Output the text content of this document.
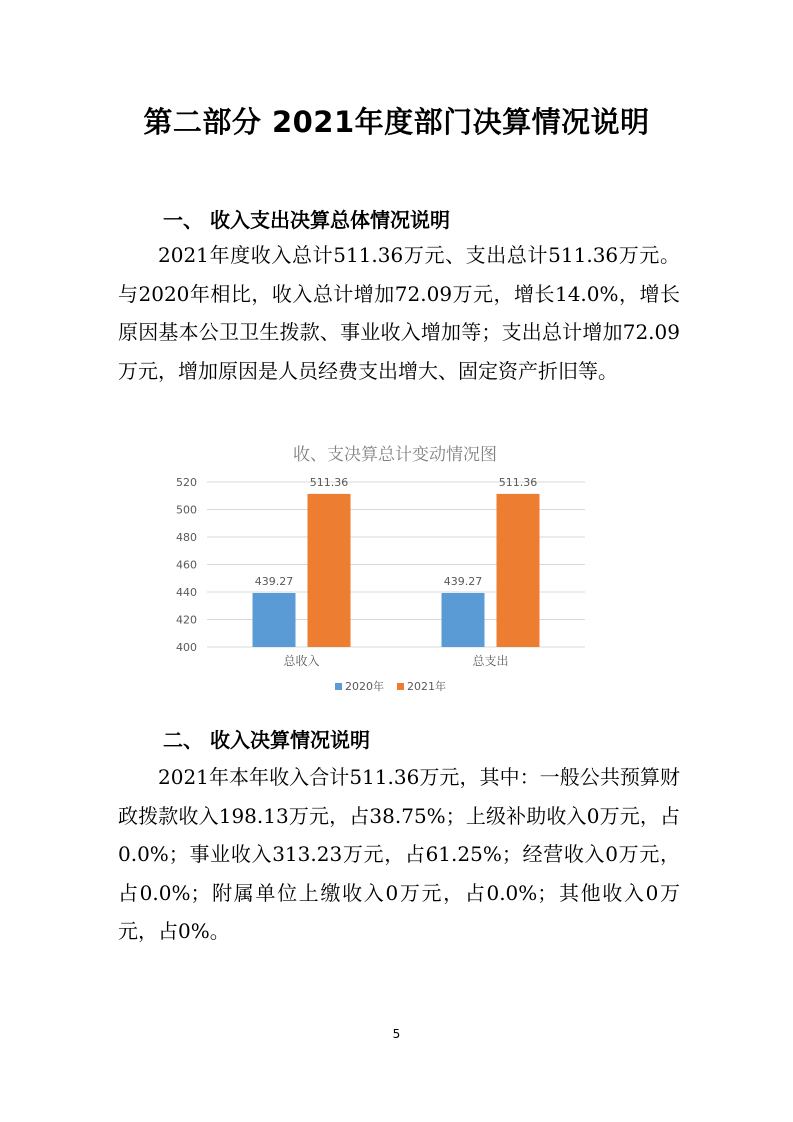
第二部分 2021年度部门决算情况说明
一、 收入支出决算总体情况说明

2021年度收入总计511.36万元、支出总计511.36万元。与2020年相比，收入总计增加72.09万元，增长14.0%，增长原因基本公卫卫生拨款、事业收入增加等；支出总计增加72.09万元，增加原因是人员经费支出增大、固定资产折旧等。

收、支决算总计变动情况图
400
420
440
460
480
500
520
439.27
511.36
总收入
439.27
511.36
总支出
2020年 2021年
二、 收入决算情况说明

2021年本年收入合计511.36万元，其中：一般公共预算财政拨款收入198.13万元，占38.75%；上级补助收入0万元，占0.0%；事业收入313.23万元，占61.25%；经营收入0万元，占0.0%；附属单位上缴收入0万元，占0.0%；其他收入0万元，占0%。

5
